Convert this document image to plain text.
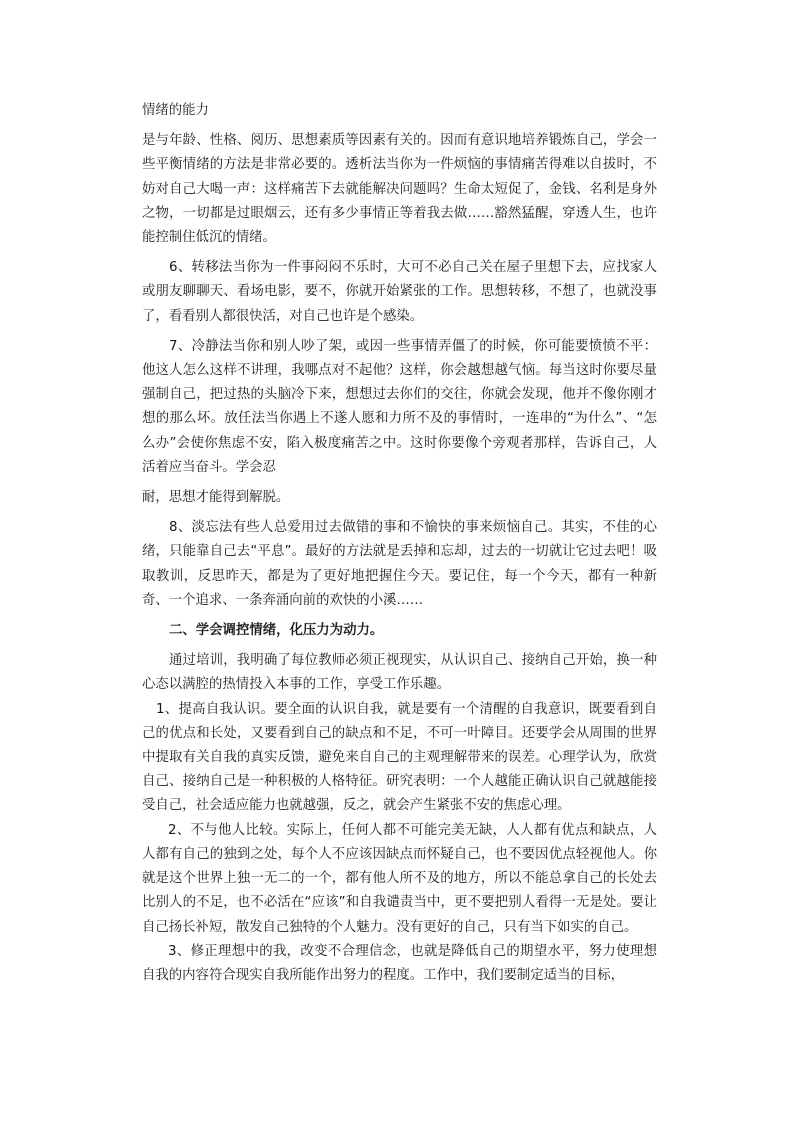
情绪的能力

是与年龄、性格、阅历、思想素质等因素有关的。因而有意识地培养锻炼自己，学会一些平衡情绪的方法是非常必要的。透析法当你为一件烦恼的事情痛苦得难以自拔时，不妨对自己大喝一声：这样痛苦下去就能解决问题吗？生命太短促了，金钱、名利是身外之物，一切都是过眼烟云，还有多少事情正等着我去做……豁然猛醒，穿透人生，也许能控制住低沉的情绪。

6、转移法当你为一件事闷闷不乐时，大可不必自己关在屋子里想下去，应找家人或朋友聊聊天、看场电影，要不，你就开始紧张的工作。思想转移，不想了，也就没事了，看看别人都很快活，对自己也许是个感染。

7、冷静法当你和别人吵了架，或因一些事情弄僵了的时候，你可能要愤愤不平：他这人怎么这样不讲理，我哪点对不起他？这样，你会越想越气恼。每当这时你要尽量强制自己，把过热的头脑冷下来，想想过去你们的交往，你就会发现，他并不像你刚才想的那么坏。放任法当你遇上不遂人愿和力所不及的事情时，一连串的“为什么”、“怎么办”会使你焦虑不安，陷入极度痛苦之中。这时你要像个旁观者那样，告诉自己，人活着应当奋斗。学会忍

耐，思想才能得到解脱。

8、淡忘法有些人总爱用过去做错的事和不愉快的事来烦恼自己。其实，不佳的心绪，只能靠自己去“平息”。最好的方法就是丢掉和忘却，过去的一切就让它过去吧！吸取教训，反思昨天，都是为了更好地把握住今天。要记住，每一个今天，都有一种新奇、一个追求、一条奔涌向前的欢快的小溪……

二、学会调控情绪，化压力为动力。

通过培训，我明确了每位教师必须正视现实，从认识自己、接纳自己开始，换一种心态以满腔的热情投入本事的工作，享受工作乐趣。

1、提高自我认识。要全面的认识自我，就是要有一个清醒的自我意识，既要看到自己的优点和长处，又要看到自己的缺点和不足，不可一叶障目。还要学会从周围的世界中提取有关自我的真实反馈，避免来自自己的主观理解带来的误差。心理学认为，欣赏自己、接纳自己是一种积极的人格特征。研究表明：一个人越能正确认识自己就越能接受自己，社会适应能力也就越强，反之，就会产生紧张不安的焦虑心理。

2、不与他人比较。实际上，任何人都不可能完美无缺，人人都有优点和缺点，人人都有自己的独到之处，每个人不应该因缺点而怀疑自己，也不要因优点轻视他人。你就是这个世界上独一无二的一个，都有他人所不及的地方，所以不能总拿自己的长处去比别人的不足，也不必活在“应该”和自我谴责当中，更不要把别人看得一无是处。要让自己扬长补短，散发自己独特的个人魅力。没有更好的自己，只有当下如实的自己。

3、修正理想中的我，改变不合理信念，也就是降低自己的期望水平，努力使理想自我的内容符合现实自我所能作出努力的程度。工作中，我们要制定适当的目标，
